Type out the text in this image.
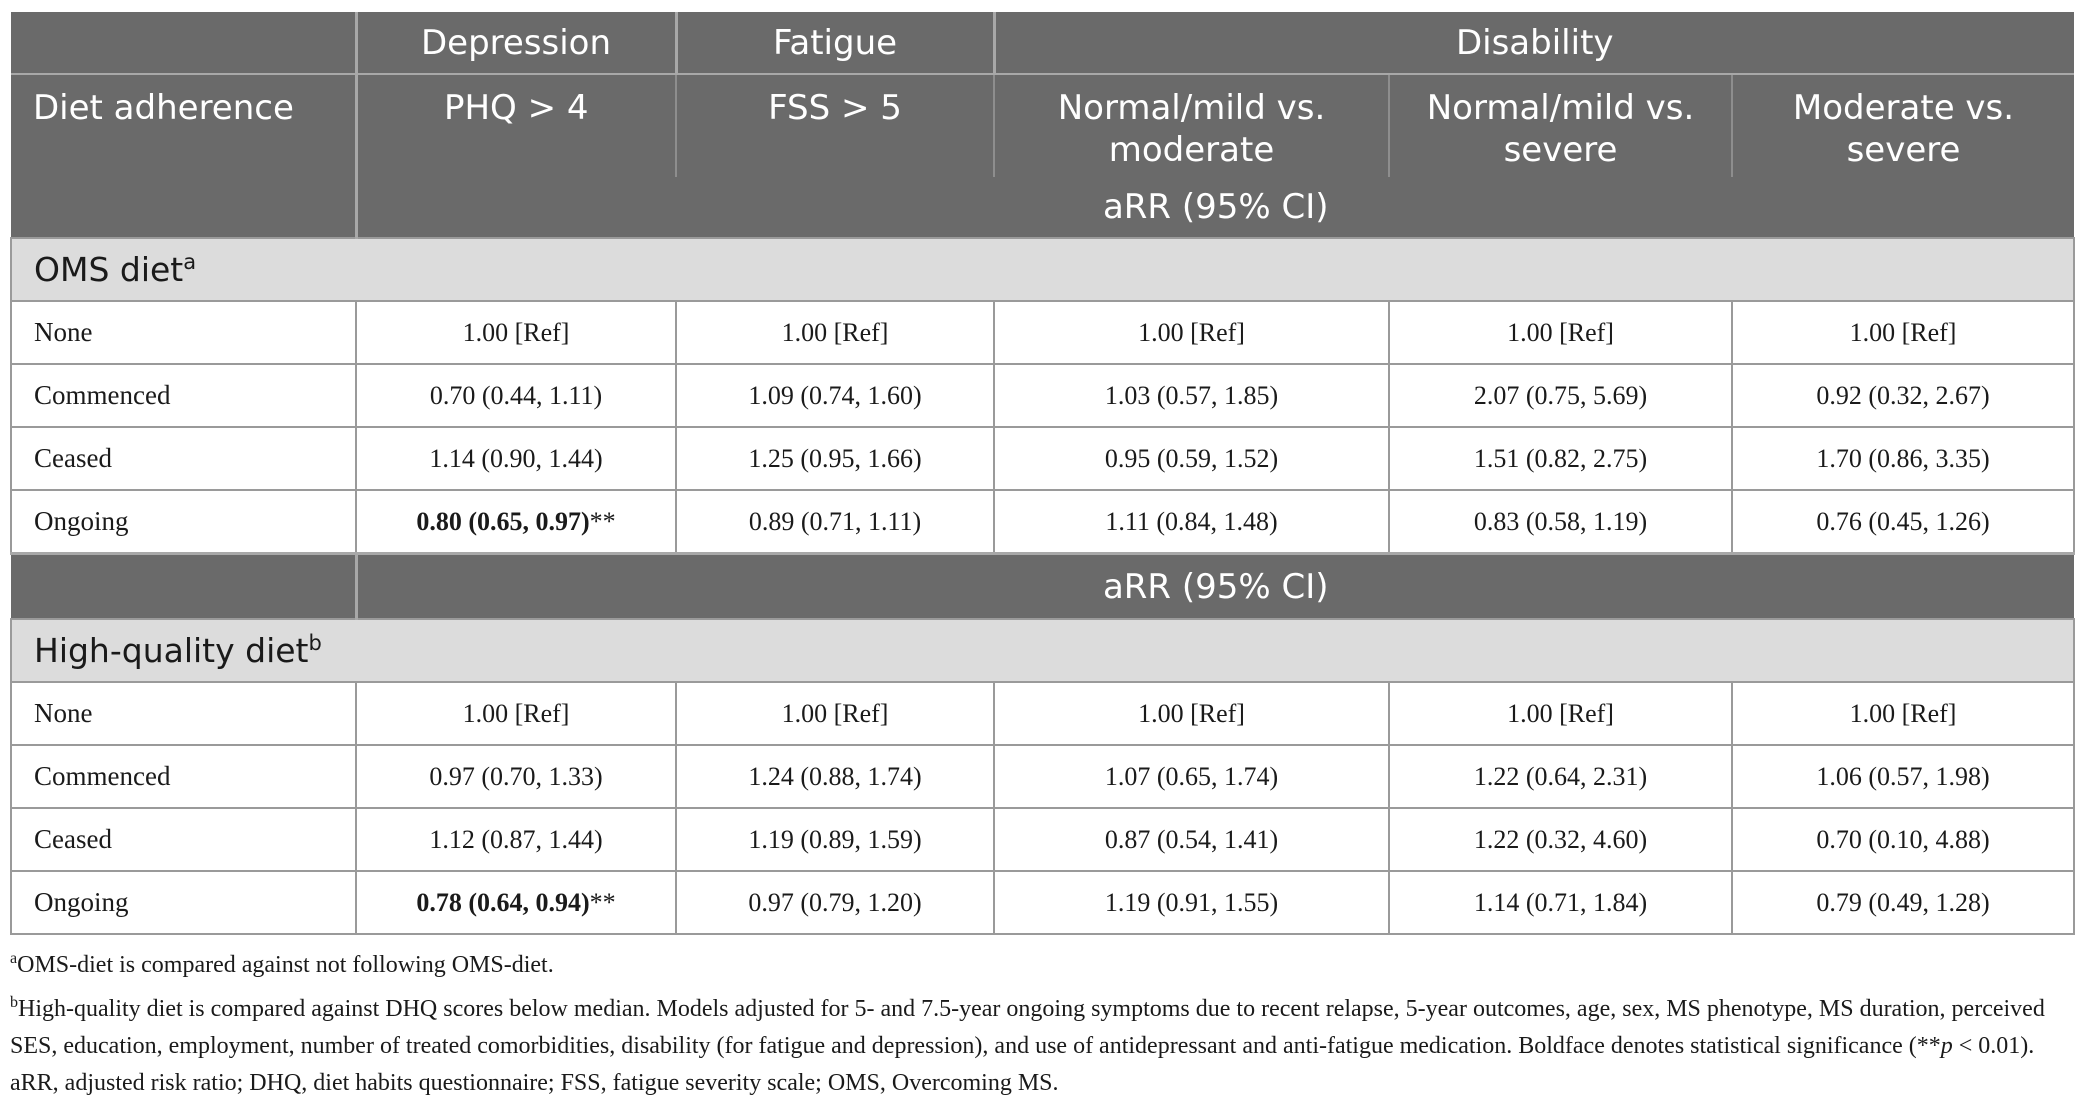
	Depression	Fatigue	Disability		
Diet adherence	PHQ > 4	FSS > 5	Normal/mild vs. moderate	Normal/mild vs. severe	Moderate vs. severe
	aRR (95% CI)				
OMS diet$^a$
None	1.00 [Ref]	1.00 [Ref]	1.00 [Ref]	1.00 [Ref]	1.00 [Ref]
Commenced	0.70 (0.44, 1.11)	1.09 (0.74, 1.60)	1.03 (0.57, 1.85)	2.07 (0.75, 5.69)	0.92 (0.32, 2.67)
Ceased	1.14 (0.90, 1.44)	1.25 (0.95, 1.66)	0.95 (0.59, 1.52)	1.51 (0.82, 2.75)	1.70 (0.86, 3.35)
Ongoing	0.80 (0.65, 0.97)**	0.89 (0.71, 1.11)	1.11 (0.84, 1.48)	0.83 (0.58, 1.19)	0.76 (0.45, 1.26)
	aRR (95% CI)				
High-quality diet$^b$
None	1.00 [Ref]	1.00 [Ref]	1.00 [Ref]	1.00 [Ref]	1.00 [Ref]
Commenced	0.97 (0.70, 1.33)	1.24 (0.88, 1.74)	1.07 (0.65, 1.74)	1.22 (0.64, 2.31)	1.06 (0.57, 1.98)
Ceased	1.12 (0.87, 1.44)	1.19 (0.89, 1.59)	0.87 (0.54, 1.41)	1.22 (0.32, 4.60)	0.70 (0.10, 4.88)
Ongoing	0.78 (0.64, 0.94)**	0.97 (0.79, 1.20)	1.19 (0.91, 1.55)	1.14 (0.71, 1.84)	0.79 (0.49, 1.28)

$^a$OMS-diet is compared against not following OMS-diet.

$^b$High-quality diet is compared against DHQ scores below median. Models adjusted for 5- and 7.5-year ongoing symptoms due to recent relapse, 5-year outcomes, age, sex, MS phenotype, MS duration, perceived SES, education, employment, number of treated comorbidities, disability (for fatigue and depression), and use of antidepressant and anti-fatigue medication. Boldface denotes statistical significance (**p < 0.01). aRR, adjusted risk ratio; DHQ, diet habits questionnaire; FSS, fatigue severity scale; OMS, Overcoming MS.
